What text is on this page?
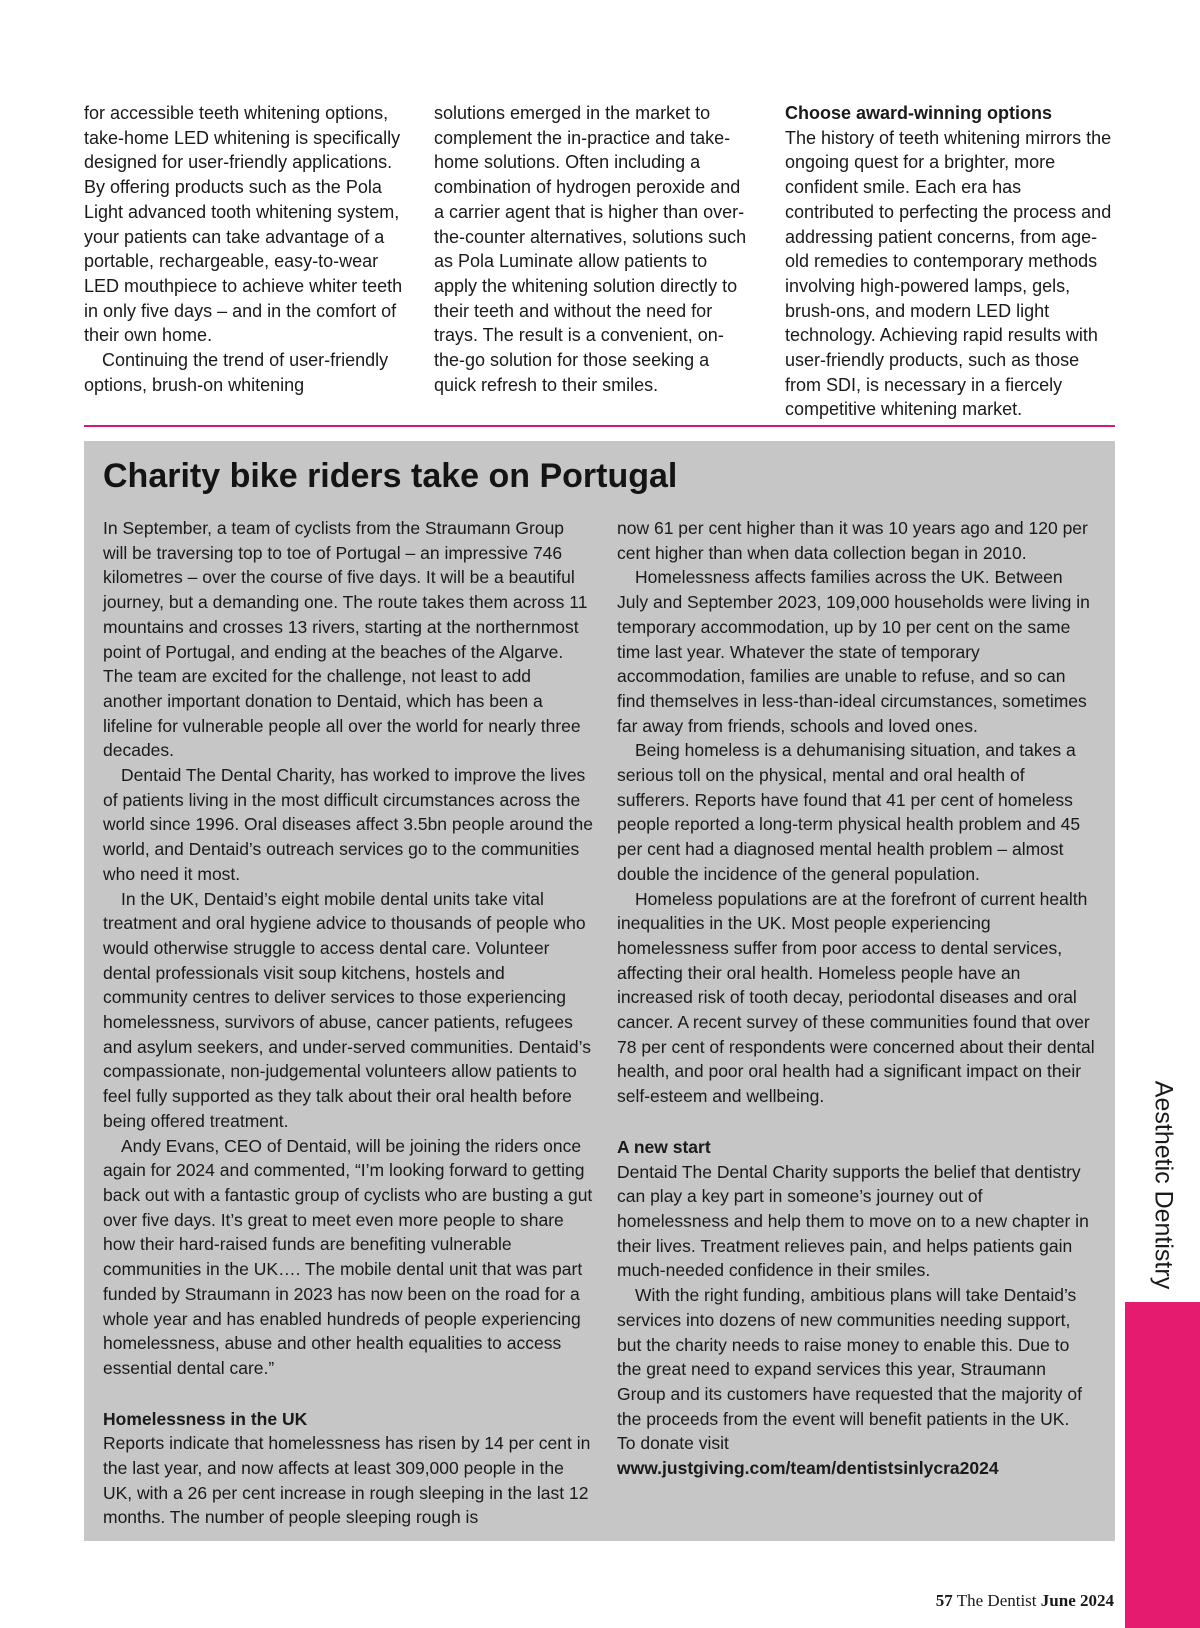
for accessible teeth whitening options, take-home LED whitening is specifically designed for user-friendly applications. By offering products such as the Pola Light advanced tooth whitening system, your patients can take advantage of a portable, rechargeable, easy-to-wear LED mouthpiece to achieve whiter teeth in only five days – and in the comfort of their own home.

Continuing the trend of user-friendly options, brush-on whitening

solutions emerged in the market to complement the in-practice and take-home solutions. Often including a combination of hydrogen peroxide and a carrier agent that is higher than over-the-counter alternatives, solutions such as Pola Luminate allow patients to apply the whitening solution directly to their teeth and without the need for trays. The result is a convenient, on-the-go solution for those seeking a quick refresh to their smiles.

Choose award-winning options

The history of teeth whitening mirrors the ongoing quest for a brighter, more confident smile. Each era has contributed to perfecting the process and addressing patient concerns, from age-old remedies to contemporary methods involving high-powered lamps, gels, brush-ons, and modern LED light technology. Achieving rapid results with user-friendly products, such as those from SDI, is necessary in a fiercely competitive whitening market.

Charity bike riders take on Portugal

In September, a team of cyclists from the Straumann Group will be traversing top to toe of Portugal – an impressive 746 kilometres – over the course of five days. It will be a beautiful journey, but a demanding one. The route takes them across 11 mountains and crosses 13 rivers, starting at the northernmost point of Portugal, and ending at the beaches of the Algarve. The team are excited for the challenge, not least to add another important donation to Dentaid, which has been a lifeline for vulnerable people all over the world for nearly three decades.

Dentaid The Dental Charity, has worked to improve the lives of patients living in the most difficult circumstances across the world since 1996. Oral diseases affect 3.5bn people around the world, and Dentaid’s outreach services go to the communities who need it most.

In the UK, Dentaid’s eight mobile dental units take vital treatment and oral hygiene advice to thousands of people who would otherwise struggle to access dental care. Volunteer dental professionals visit soup kitchens, hostels and community centres to deliver services to those experiencing homelessness, survivors of abuse, cancer patients, refugees and asylum seekers, and under-served communities. Dentaid’s compassionate, non-judgemental volunteers allow patients to feel fully supported as they talk about their oral health before being offered treatment.

Andy Evans, CEO of Dentaid, will be joining the riders once again for 2024 and commented, “I’m looking forward to getting back out with a fantastic group of cyclists who are busting a gut over five days. It’s great to meet even more people to share how their hard-raised funds are benefiting vulnerable communities in the UK…. The mobile dental unit that was part funded by Straumann in 2023 has now been on the road for a whole year and has enabled hundreds of people experiencing homelessness, abuse and other health equalities to access essential dental care.”

Homelessness in the UK

Reports indicate that homelessness has risen by 14 per cent in the last year, and now affects at least 309,000 people in the UK, with a 26 per cent increase in rough sleeping in the last 12 months. The number of people sleeping rough is

now 61 per cent higher than it was 10 years ago and 120 per cent higher than when data collection began in 2010.

Homelessness affects families across the UK. Between July and September 2023, 109,000 households were living in temporary accommodation, up by 10 per cent on the same time last year. Whatever the state of temporary accommodation, families are unable to refuse, and so can find themselves in less-than-ideal circumstances, sometimes far away from friends, schools and loved ones.

Being homeless is a dehumanising situation, and takes a serious toll on the physical, mental and oral health of sufferers. Reports have found that 41 per cent of homeless people reported a long-term physical health problem and 45 per cent had a diagnosed mental health problem – almost double the incidence of the general population.

Homeless populations are at the forefront of current health inequalities in the UK. Most people experiencing homelessness suffer from poor access to dental services, affecting their oral health. Homeless people have an increased risk of tooth decay, periodontal diseases and oral cancer. A recent survey of these communities found that over 78 per cent of respondents were concerned about their dental health, and poor oral health had a significant impact on their self-esteem and wellbeing.

A new start

Dentaid The Dental Charity supports the belief that dentistry can play a key part in someone’s journey out of homelessness and help them to move on to a new chapter in their lives. Treatment relieves pain, and helps patients gain much-needed confidence in their smiles.

With the right funding, ambitious plans will take Dentaid’s services into dozens of new communities needing support, but the charity needs to raise money to enable this. Due to the great need to expand services this year, Straumann Group and its customers have requested that the majority of the proceeds from the event will benefit patients in the UK.

To donate visit www.justgiving.com/team/dentistsinlycra2024

Aesthetic Dentistry
57 The Dentist June 2024
